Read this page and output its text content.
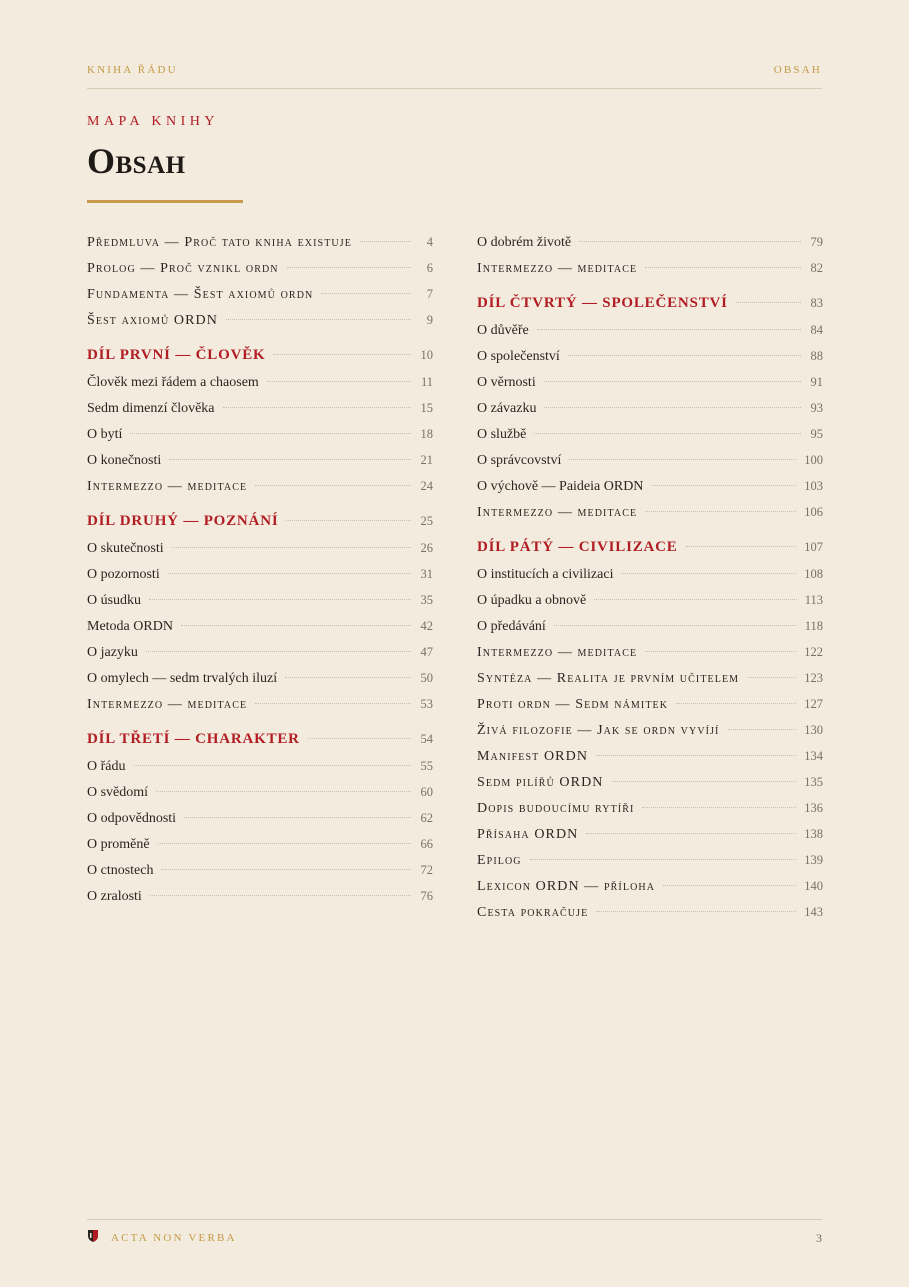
KNIHA ŘÁDU	OBSAH
MAPA KNIHY
Obsah
Předmluva — Proč tato kniha existuje	4
Prolog — Proč vznikl ordn	6
Fundamenta — Šest axiomů ordn	7
Šest axiomů ORDN	9
DÍL PRVNÍ — ČLOVĚK	10
Člověk mezi řádem a chaosem	11
Sedm dimenzí člověka	15
O bytí	18
O konečnosti	21
Intermezzo — meditace	24
DÍL DRUHÝ — POZNÁNÍ	25
O skutečnosti	26
O pozornosti	31
O úsudku	35
Metoda ORDN	42
O jazyku	47
O omylech — sedm trvalých iluzí	50
Intermezzo — meditace	53
DÍL TŘETÍ — CHARAKTER	54
O řádu	55
O svědomí	60
O odpovědnosti	62
O proměně	66
O ctnostech	72
O zralosti	76
O dobrém životě	79
Intermezzo — meditace	82
DÍL ČTVRTÝ — SPOLEČENSTVÍ	83
O důvěře	84
O společenství	88
O věrnosti	91
O závazku	93
O službě	95
O správcovství	100
O výchově — Paideia ORDN	103
Intermezzo — meditace	106
DÍL PÁTÝ — CIVILIZACE	107
O institucích a civilizaci	108
O úpadku a obnově	113
O předávání	118
Intermezzo — meditace	122
Syntéza — Realita je prvním učitelem	123
Proti ordn — Sedm námitek	127
Živá filozofie — Jak se ordn vyvíjí	130
Manifest ORDN	134
Sedm pilířů ORDN	135
Dopis budoucímu rytíři	136
Přísaha ORDN	138
Epilog	139
Lexicon ORDN — příloha	140
Cesta pokračuje	143
ACTA NON VERBA	3
